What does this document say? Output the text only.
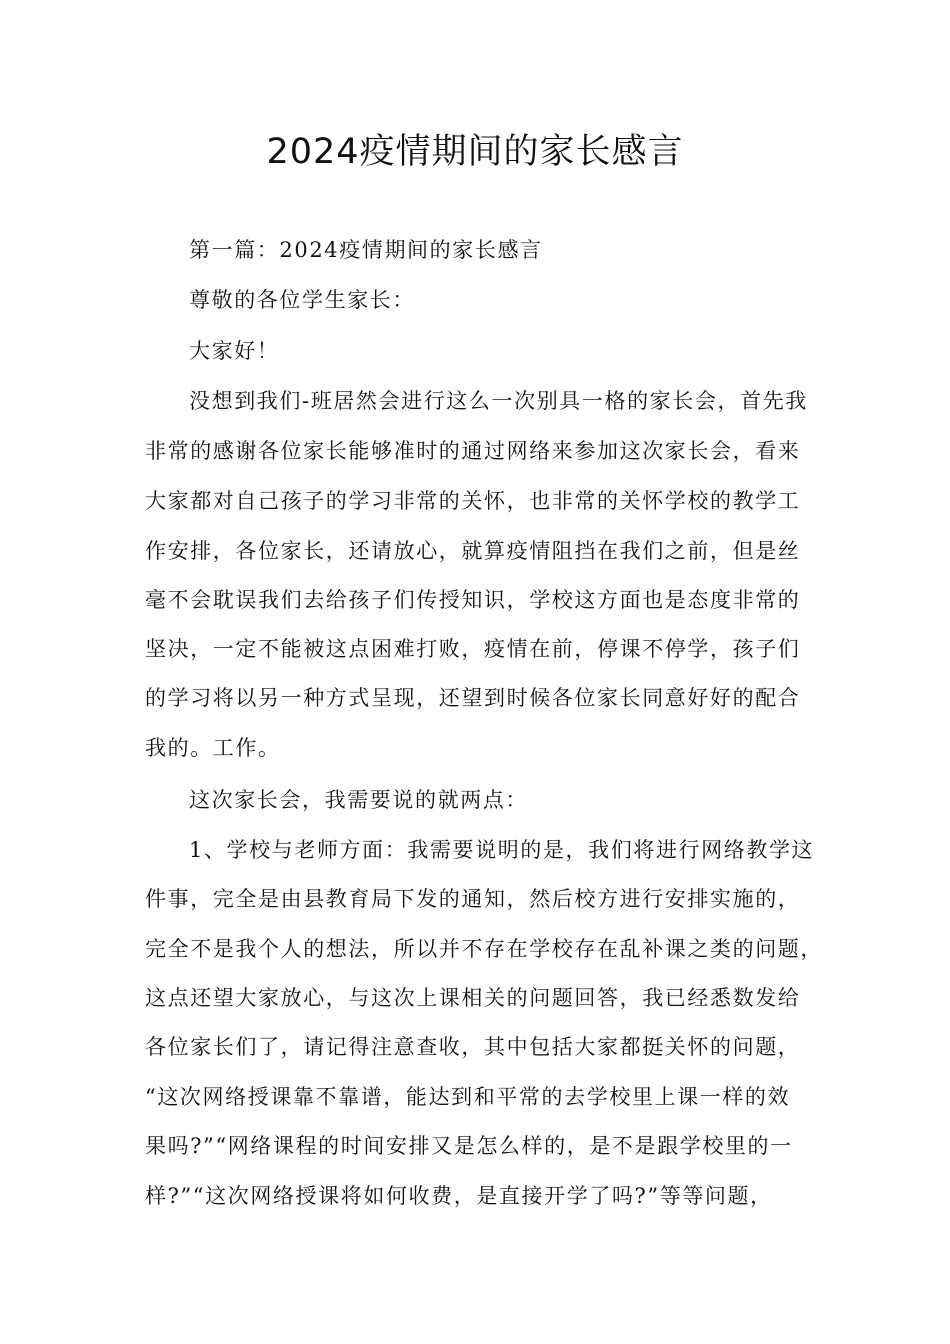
2024疫情期间的家长感言
第一篇：2024疫情期间的家长感言
尊敬的各位学生家长：
大家好！
没想到我们-班居然会进行这么一次别具一格的家长会，首先我
非常的感谢各位家长能够准时的通过网络来参加这次家长会，看来
大家都对自己孩子的学习非常的关怀，也非常的关怀学校的教学工
作安排，各位家长，还请放心，就算疫情阻挡在我们之前，但是丝
毫不会耽误我们去给孩子们传授知识，学校这方面也是态度非常的
坚决，一定不能被这点困难打败，疫情在前，停课不停学，孩子们
的学习将以另一种方式呈现，还望到时候各位家长同意好好的配合
我的。工作。
这次家长会，我需要说的就两点：
1、学校与老师方面：我需要说明的是，我们将进行网络教学这
件事，完全是由县教育局下发的通知，然后校方进行安排实施的，
完全不是我个人的想法，所以并不存在学校存在乱补课之类的问题，
这点还望大家放心，与这次上课相关的问题回答，我已经悉数发给
各位家长们了，请记得注意查收，其中包括大家都挺关怀的问题，
“这次网络授课靠不靠谱，能达到和平常的去学校里上课一样的效
果吗?”“网络课程的时间安排又是怎么样的，是不是跟学校里的一
样?”“这次网络授课将如何收费，是直接开学了吗?”等等问题，
